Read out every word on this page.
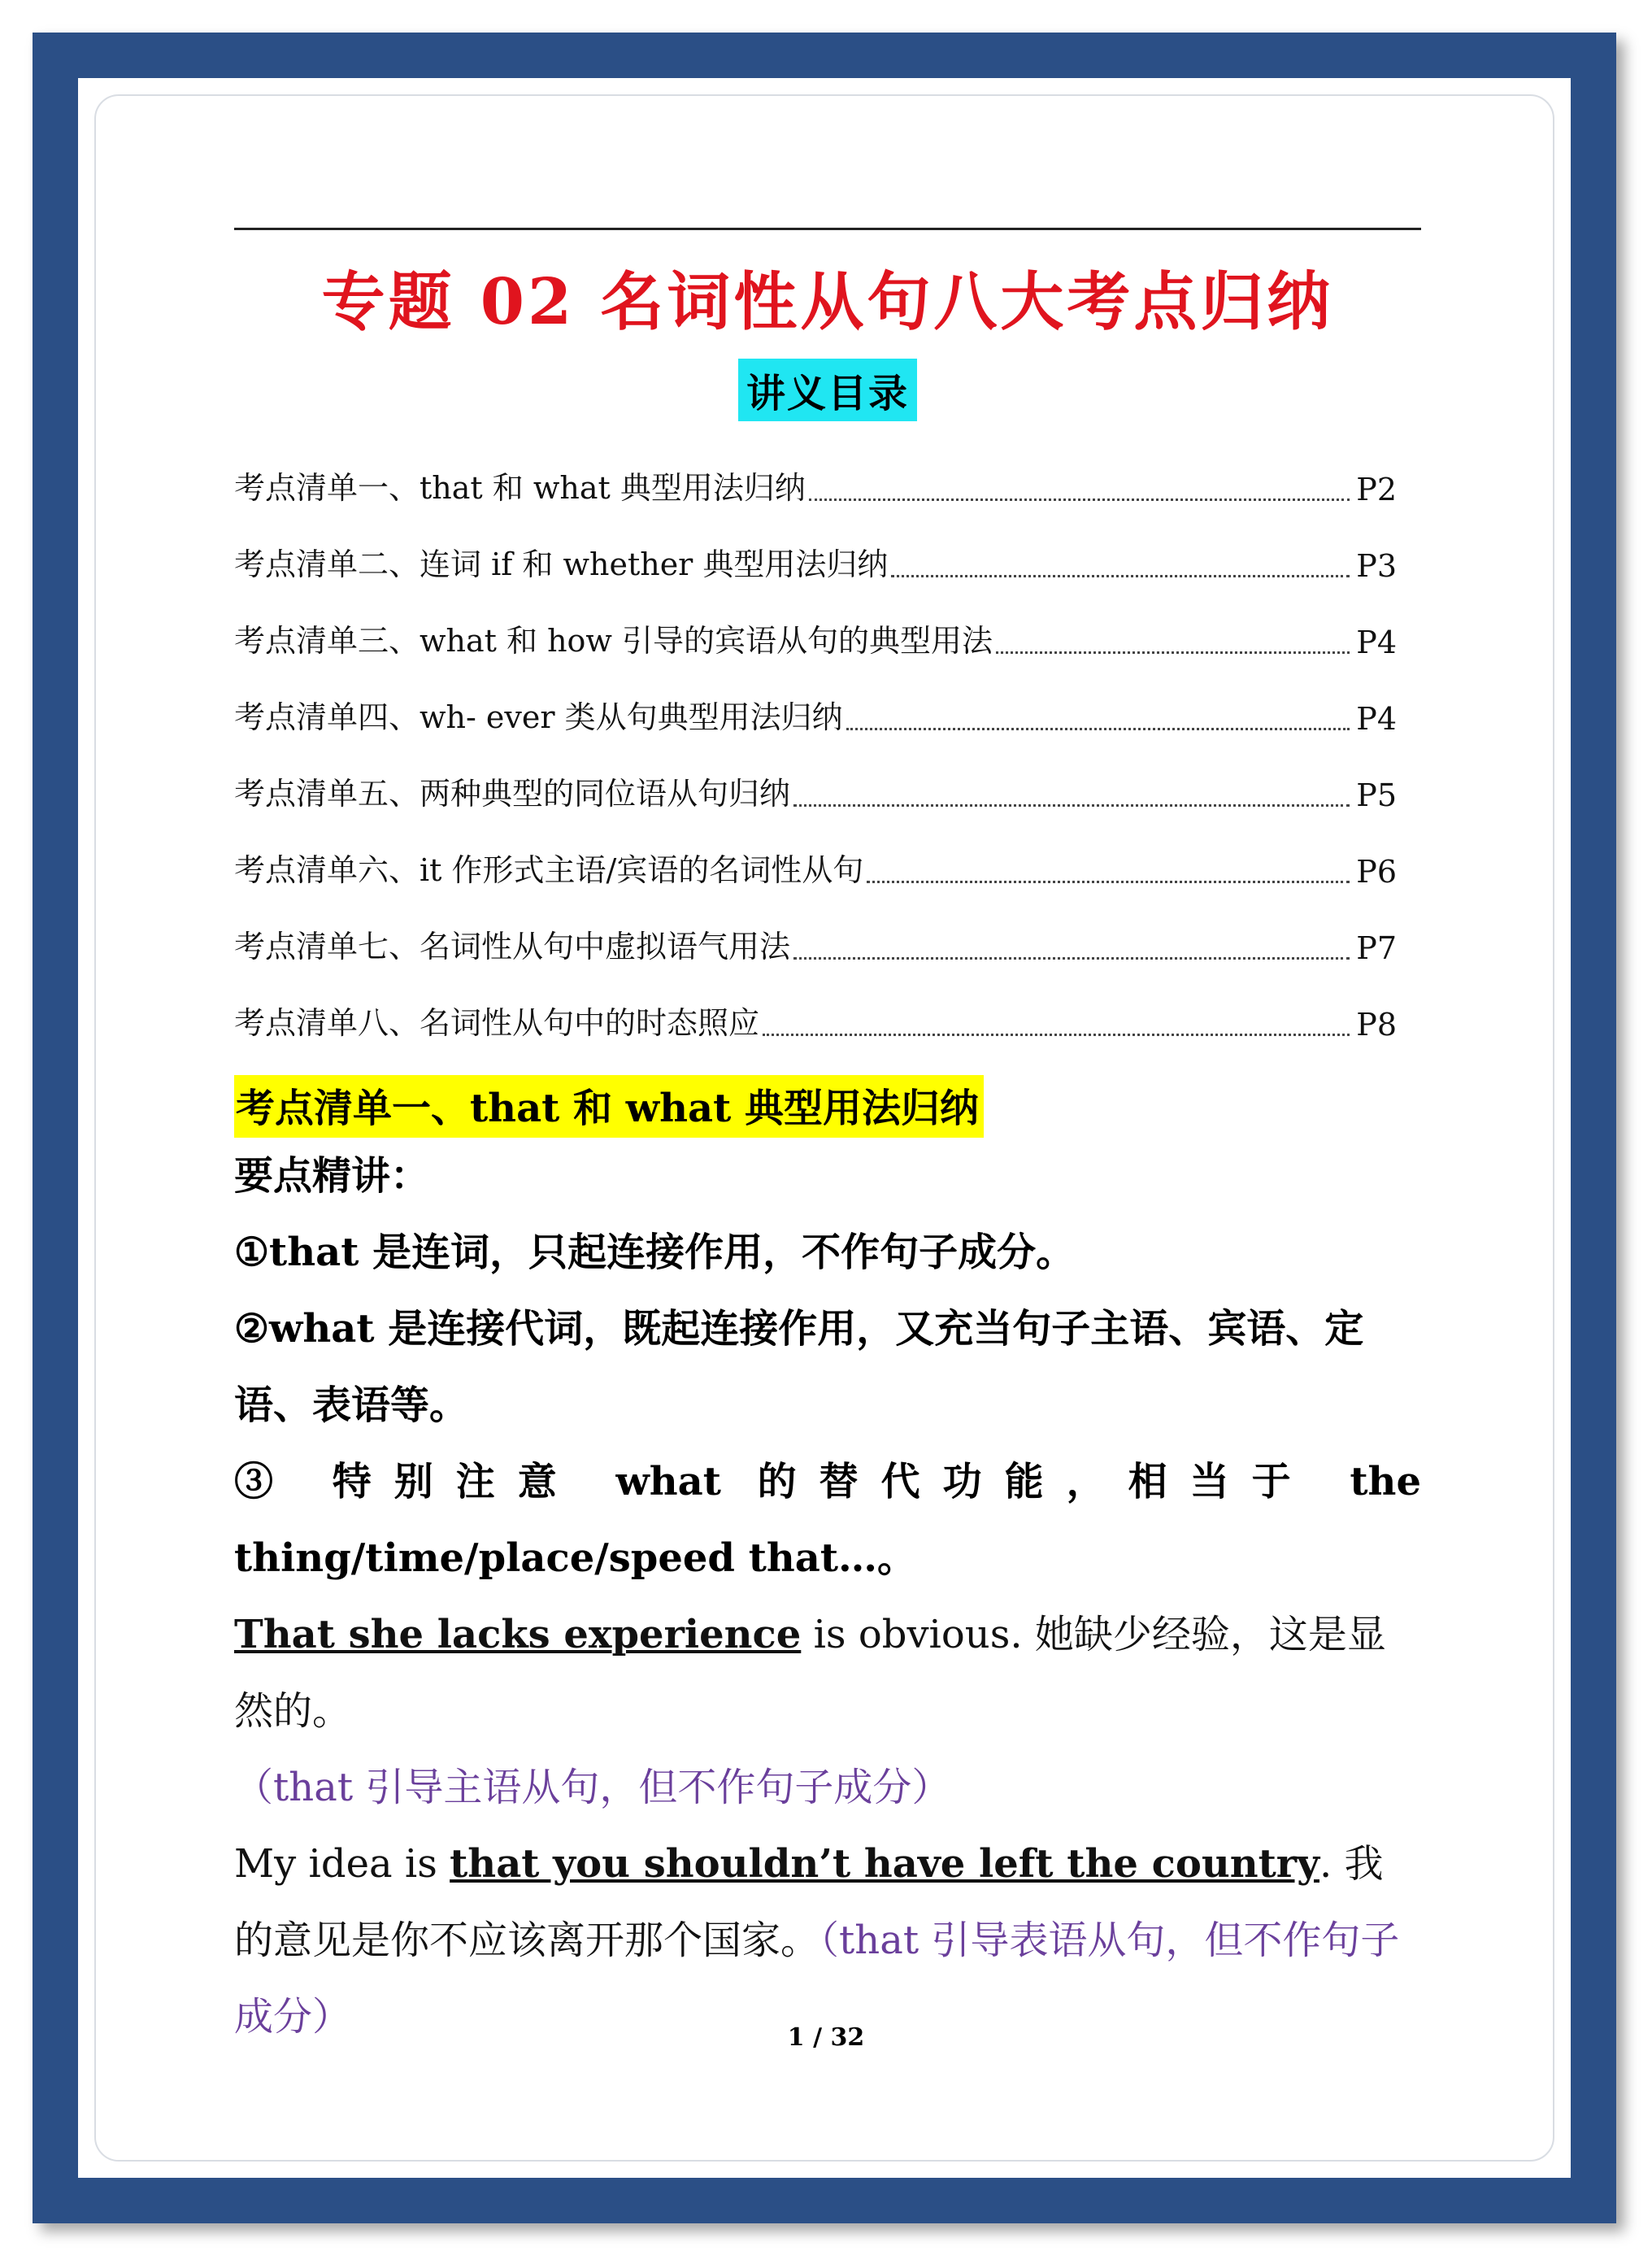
专题 02 名词性从句八大考点归纳
讲义目录
考点清单一、that 和 what 典型用法归纳	P2
考点清单二、连词 if 和 whether 典型用法归纳	P3
考点清单三、what 和 how 引导的宾语从句的典型用法	P4
考点清单四、wh- ever 类从句典型用法归纳	P4
考点清单五、两种典型的同位语从句归纳	P5
考点清单六、it 作形式主语/宾语的名词性从句	P6
考点清单七、名词性从句中虚拟语气用法	P7
考点清单八、名词性从句中的时态照应	P8
考点清单一、that 和 what 典型用法归纳

要点精讲：

①that 是连词，只起连接作用，不作句子成分。

②what 是连接代词，既起连接作用，又充当句子主语、宾语、定语、表语等。

③ 特别注意 what 的替代功能，相当于 the

thing/time/place/speed that…。

That she lacks experience is obvious. 她缺少经验，这是显然的。
（that 引导主语从句，但不作句子成分）

My idea is that you shouldn’t have left the country. 我的意见是你不应该离开那个国家。（that 引导表语从句，但不作句子成分）	1 / 32
